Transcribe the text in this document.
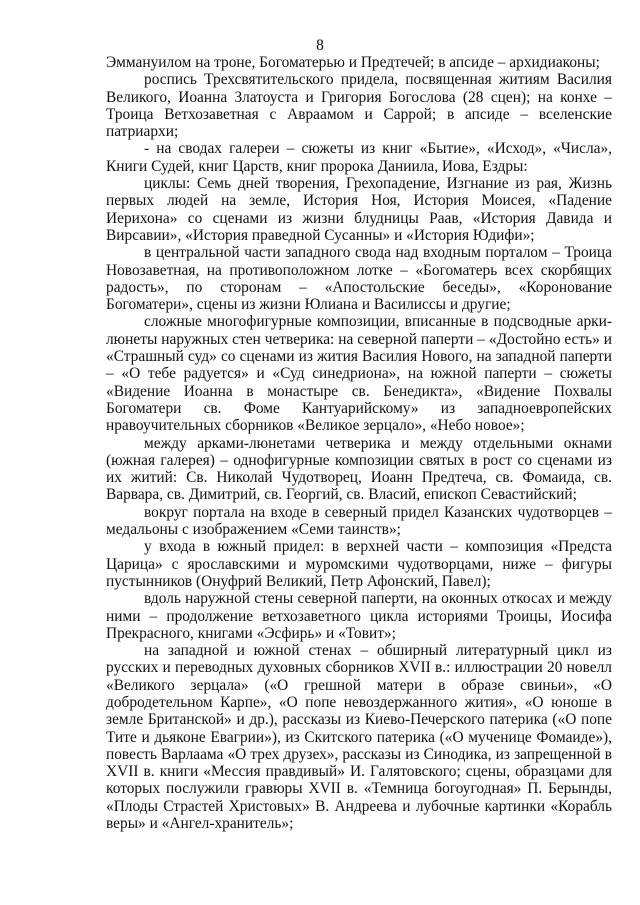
8

Эммануилом на троне, Богоматерью и Предтечей; в апсиде – архидиаконы;

роспись Трехсвятительского придела, посвященная житиям Василия Великого, Иоанна Златоуста и Григория Богослова (28 сцен); на конхе – Троица Ветхозаветная с Авраамом и Саррой; в апсиде – вселенские патриархи;

- на сводах галереи – сюжеты из книг «Бытие», «Исход», «Числа», Книги Судей, книг Царств, книг пророка Даниила, Иова, Ездры:

циклы: Семь дней творения, Грехопадение, Изгнание из рая, Жизнь первых людей на земле, История Ноя, История Моисея, «Падение Иерихона» со сценами из жизни блудницы Раав, «История Давида и Вирсавии», «История праведной Сусанны» и «История Юдифи»;

в центральной части западного свода над входным порталом – Троица Новозаветная, на противоположном лотке – «Богоматерь всех скорбящих радость», по сторонам – «Апостольские беседы», «Коронование Богоматери», сцены из жизни Юлиана и Василиссы и другие;

сложные многофигурные композиции, вписанные в подсводные арки-люнеты наружных стен четверика: на северной паперти – «Достойно есть» и «Страшный суд» со сценами из жития Василия Нового, на западной паперти – «О тебе радуется» и «Суд синедриона», на южной паперти – сюжеты «Видение Иоанна в монастыре св. Бенедикта», «Видение Похвалы Богоматери св. Фоме Кантуарийскому» из западноевропейских нравоучительных сборников «Великое зерцало», «Небо новое»;

между арками-люнетами четверика и между отдельными окнами (южная галерея) – однофигурные композиции святых в рост со сценами из их житий: Св. Николай Чудотворец, Иоанн Предтеча, св. Фомаида, св. Варвара, св. Димитрий, св. Георгий, св. Власий, епископ Севастийский;

вокруг портала на входе в северный придел Казанских чудотворцев – медальоны с изображением «Семи таинств»;

у входа в южный придел: в верхней части – композиция «Предста Царица» с ярославскими и муромскими чудотворцами, ниже – фигуры пустынников (Онуфрий Великий, Петр Афонский, Павел);

вдоль наружной стены северной паперти, на оконных откосах и между ними – продолжение ветхозаветного цикла историями Троицы, Иосифа Прекрасного, книгами «Эсфирь» и «Товит»;

на западной и южной стенах – обширный литературный цикл из русских и переводных духовных сборников XVII в.: иллюстрации 20 новелл «Великого зерцала» («О грешной матери в образе свиньи», «О добродетельном Карпе», «О попе невоздержанного жития», «О юноше в земле Британской» и др.), рассказы из Киево-Печерского патерика («О попе Тите и дьяконе Евагрии»), из Скитского патерика («О мученице Фомаиде»), повесть Варлаама «О трех друзех», рассказы из Синодика, из запрещенной в XVII в. книги «Мессия правдивый» И. Галятовского; сцены, образцами для которых послужили гравюры XVII в. «Темница богоугодная» П. Берынды, «Плоды Страстей Христовых» В. Андреева и лубочные картинки «Корабль веры» и «Ангел-хранитель»;
